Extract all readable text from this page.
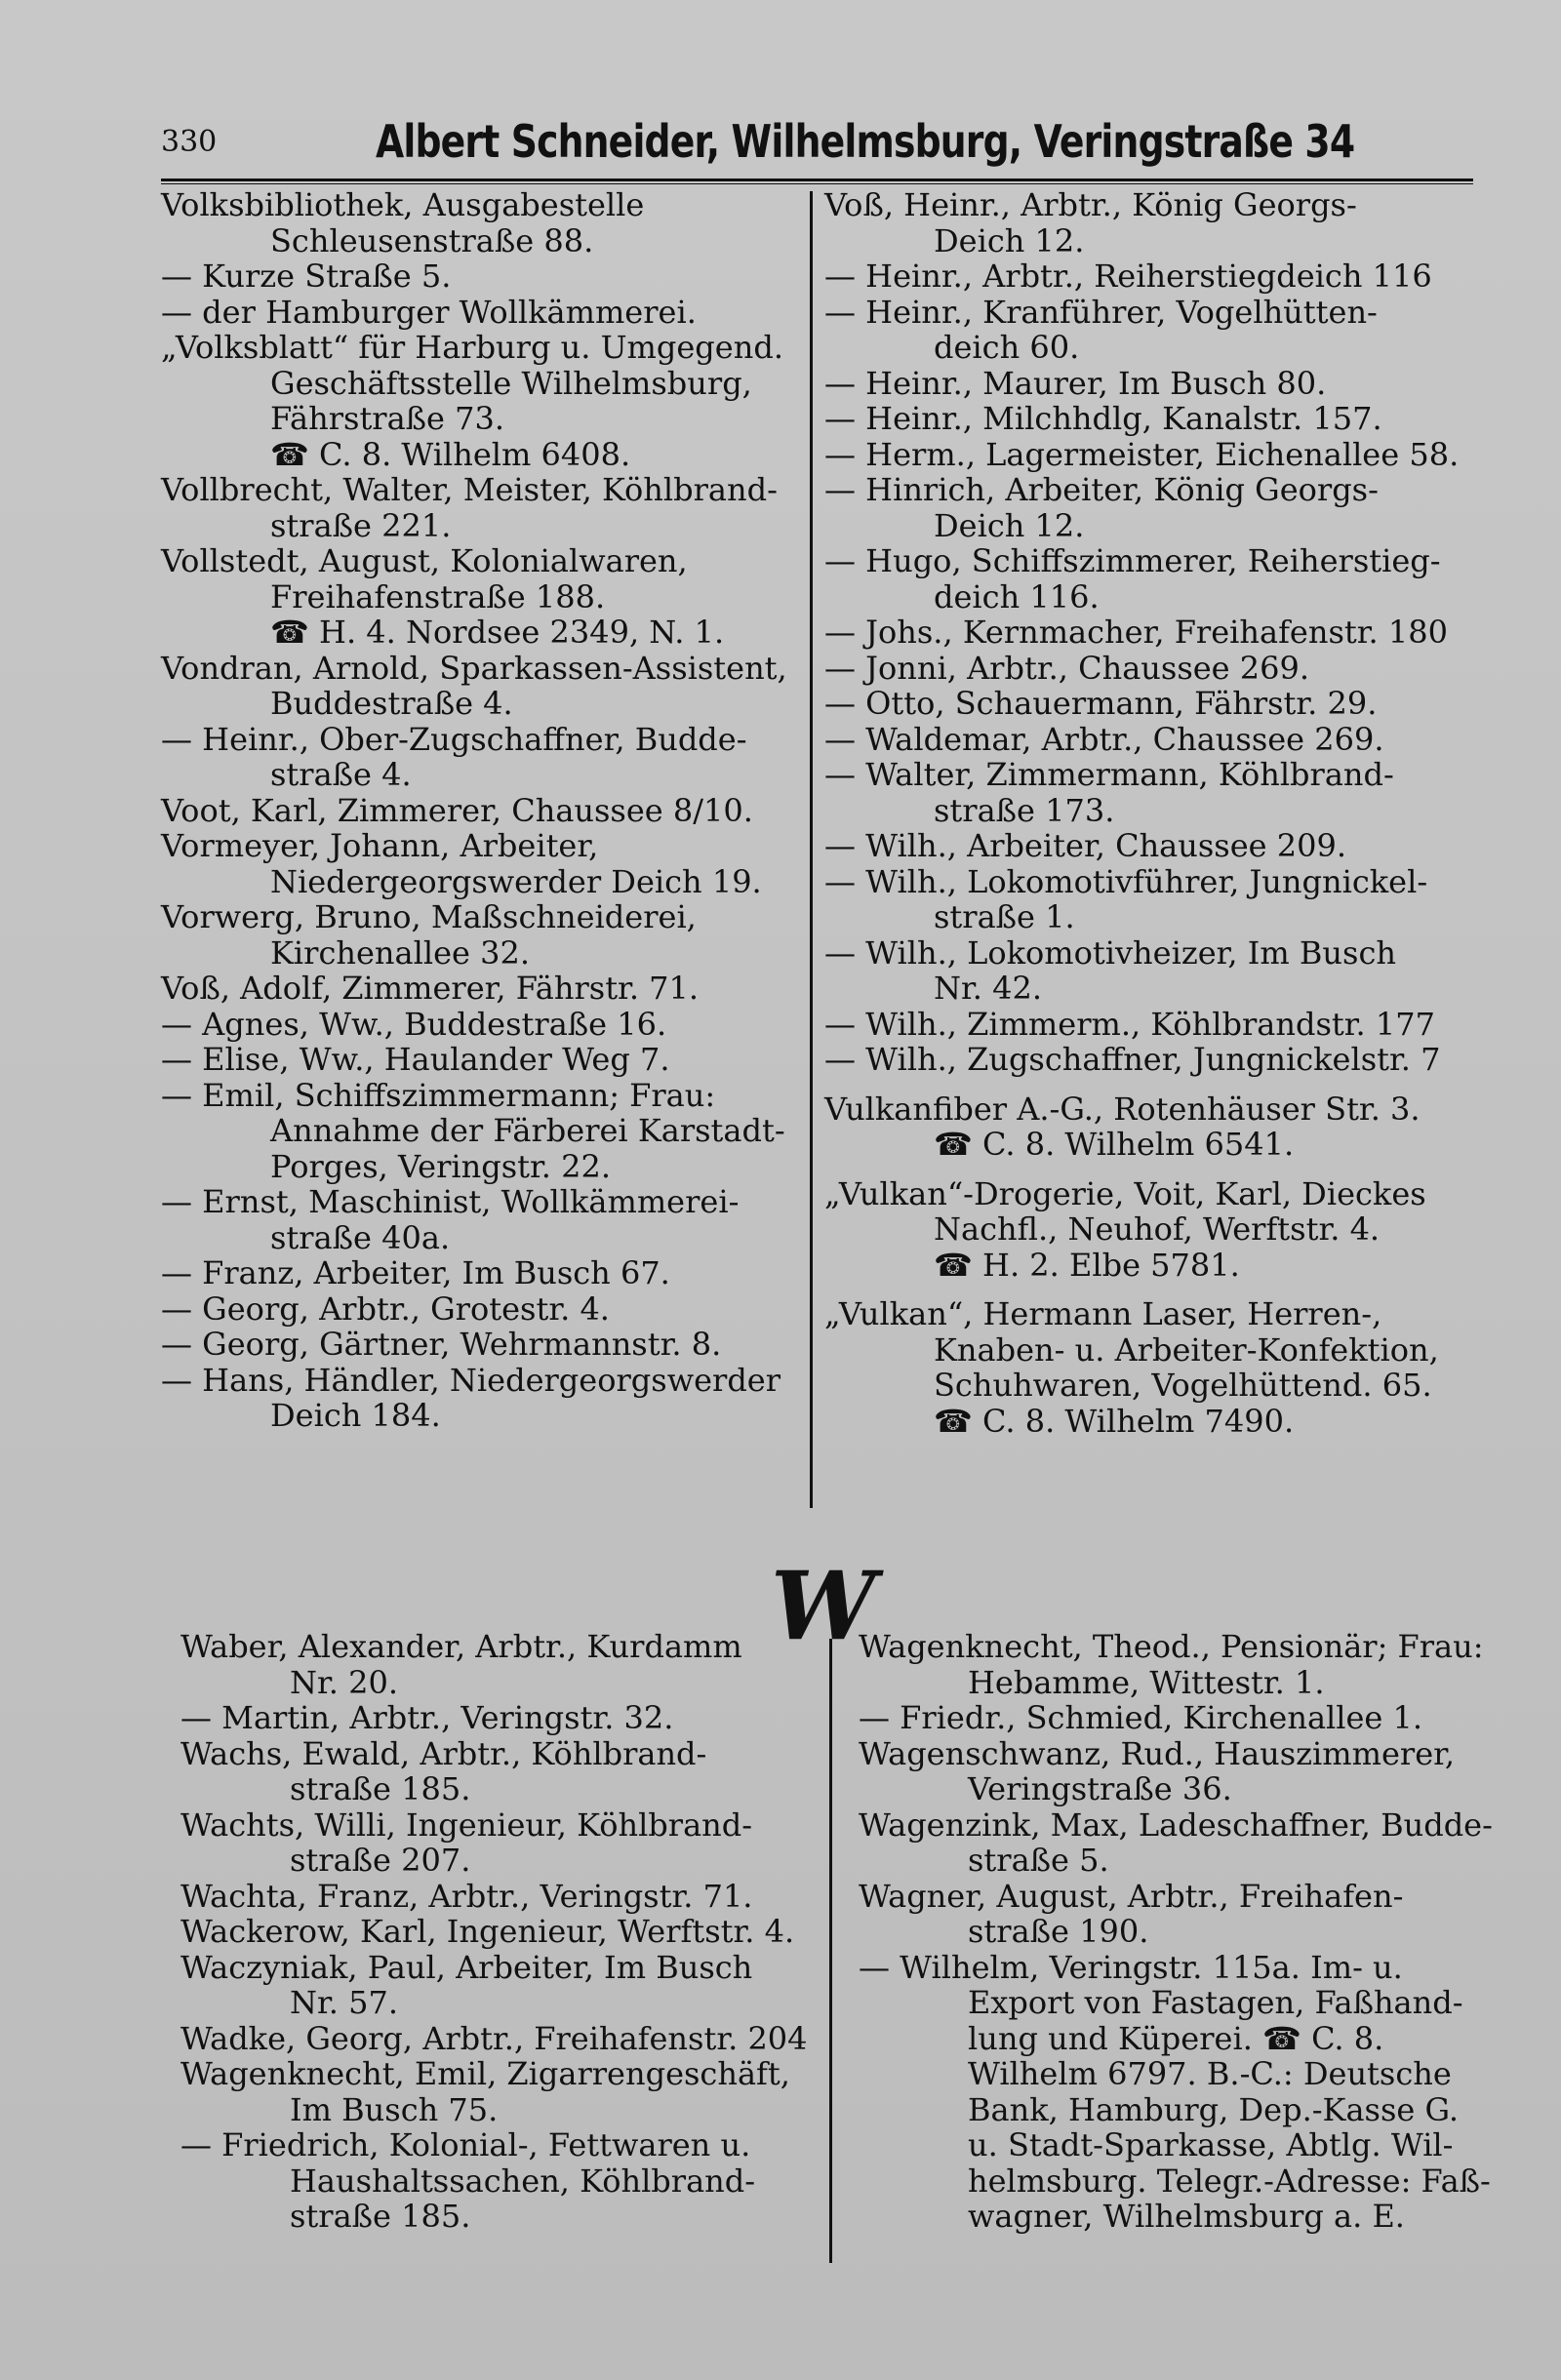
330	Albert Schneider, Wilhelmsburg, Veringstraße 34
Volksbibliothek, Ausgabestelle
Schleusenstraße 88.
— Kurze Straße 5.
— der Hamburger Wollkämmerei.
„Volksblatt“ für Harburg u. Umgegend.
Geschäftsstelle Wilhelmsburg,
Fährstraße 73.
☎ C. 8. Wilhelm 6408.
Vollbrecht, Walter, Meister, Köhlbrand-
straße 221.
Vollstedt, August, Kolonialwaren,
Freihafenstraße 188.
☎ H. 4. Nordsee 2349, N. 1.
Vondran, Arnold, Sparkassen-Assistent,
Buddestraße 4.
— Heinr., Ober-Zugschaffner, Budde-
straße 4.
Voot, Karl, Zimmerer, Chaussee 8/10.
Vormeyer, Johann, Arbeiter,
Niedergeorgswerder Deich 19.
Vorwerg, Bruno, Maßschneiderei,
Kirchenallee 32.
Voß, Adolf, Zimmerer, Fährstr. 71.
— Agnes, Ww., Buddestraße 16.
— Elise, Ww., Haulander Weg 7.
— Emil, Schiffszimmermann; Frau:
Annahme der Färberei Karstadt-
Porges, Veringstr. 22.
— Ernst, Maschinist, Wollkämmerei-
straße 40a.
— Franz, Arbeiter, Im Busch 67.
— Georg, Arbtr., Grotestr. 4.
— Georg, Gärtner, Wehrmannstr. 8.
— Hans, Händler, Niedergeorgswerder
Deich 184.
Voß, Heinr., Arbtr., König Georgs-
Deich 12.
— Heinr., Arbtr., Reiherstiegdeich 116
— Heinr., Kranführer, Vogelhütten-
deich 60.
— Heinr., Maurer, Im Busch 80.
— Heinr., Milchhdlg, Kanalstr. 157.
— Herm., Lagermeister, Eichenallee 58.
— Hinrich, Arbeiter, König Georgs-
Deich 12.
— Hugo, Schiffszimmerer, Reiherstieg-
deich 116.
— Johs., Kernmacher, Freihafenstr. 180
— Jonni, Arbtr., Chaussee 269.
— Otto, Schauermann, Fährstr. 29.
— Waldemar, Arbtr., Chaussee 269.
— Walter, Zimmermann, Köhlbrand-
straße 173.
— Wilh., Arbeiter, Chaussee 209.
— Wilh., Lokomotivführer, Jungnickel-
straße 1.
— Wilh., Lokomotivheizer, Im Busch
Nr. 42.
— Wilh., Zimmerm., Köhlbrandstr. 177
— Wilh., Zugschaffner, Jungnickelstr. 7
Vulkanfiber A.-G., Rotenhäuser Str. 3.
☎ C. 8. Wilhelm 6541.
„Vulkan“-Drogerie, Voit, Karl, Dieckes
Nachfl., Neuhof, Werftstr. 4.
☎ H. 2. Elbe 5781.
„Vulkan“, Hermann Laser, Herren-,
Knaben- u. Arbeiter-Konfektion,
Schuhwaren, Vogelhüttend. 65.
☎ C. 8. Wilhelm 7490.
W
Waber, Alexander, Arbtr., Kurdamm
Nr. 20.
— Martin, Arbtr., Veringstr. 32.
Wachs, Ewald, Arbtr., Köhlbrand-
straße 185.
Wachts, Willi, Ingenieur, Köhlbrand-
straße 207.
Wachta, Franz, Arbtr., Veringstr. 71.
Wackerow, Karl, Ingenieur, Werftstr. 4.
Waczyniak, Paul, Arbeiter, Im Busch
Nr. 57.
Wadke, Georg, Arbtr., Freihafenstr. 204
Wagenknecht, Emil, Zigarrengeschäft,
Im Busch 75.
— Friedrich, Kolonial-, Fettwaren u.
Haushaltssachen, Köhlbrand-
straße 185.
Wagenknecht, Theod., Pensionär; Frau:
Hebamme, Wittestr. 1.
— Friedr., Schmied, Kirchenallee 1.
Wagenschwanz, Rud., Hauszimmerer,
Veringstraße 36.
Wagenzink, Max, Ladeschaffner, Budde-
straße 5.
Wagner, August, Arbtr., Freihafen-
straße 190.
— Wilhelm, Veringstr. 115a. Im- u.
Export von Fastagen, Faßhand-
lung und Küperei. ☎ C. 8.
Wilhelm 6797. B.-C.: Deutsche
Bank, Hamburg, Dep.-Kasse G.
u. Stadt-Sparkasse, Abtlg. Wil-
helmsburg. Telegr.-Adresse: Faß-
wagner, Wilhelmsburg a. E.
